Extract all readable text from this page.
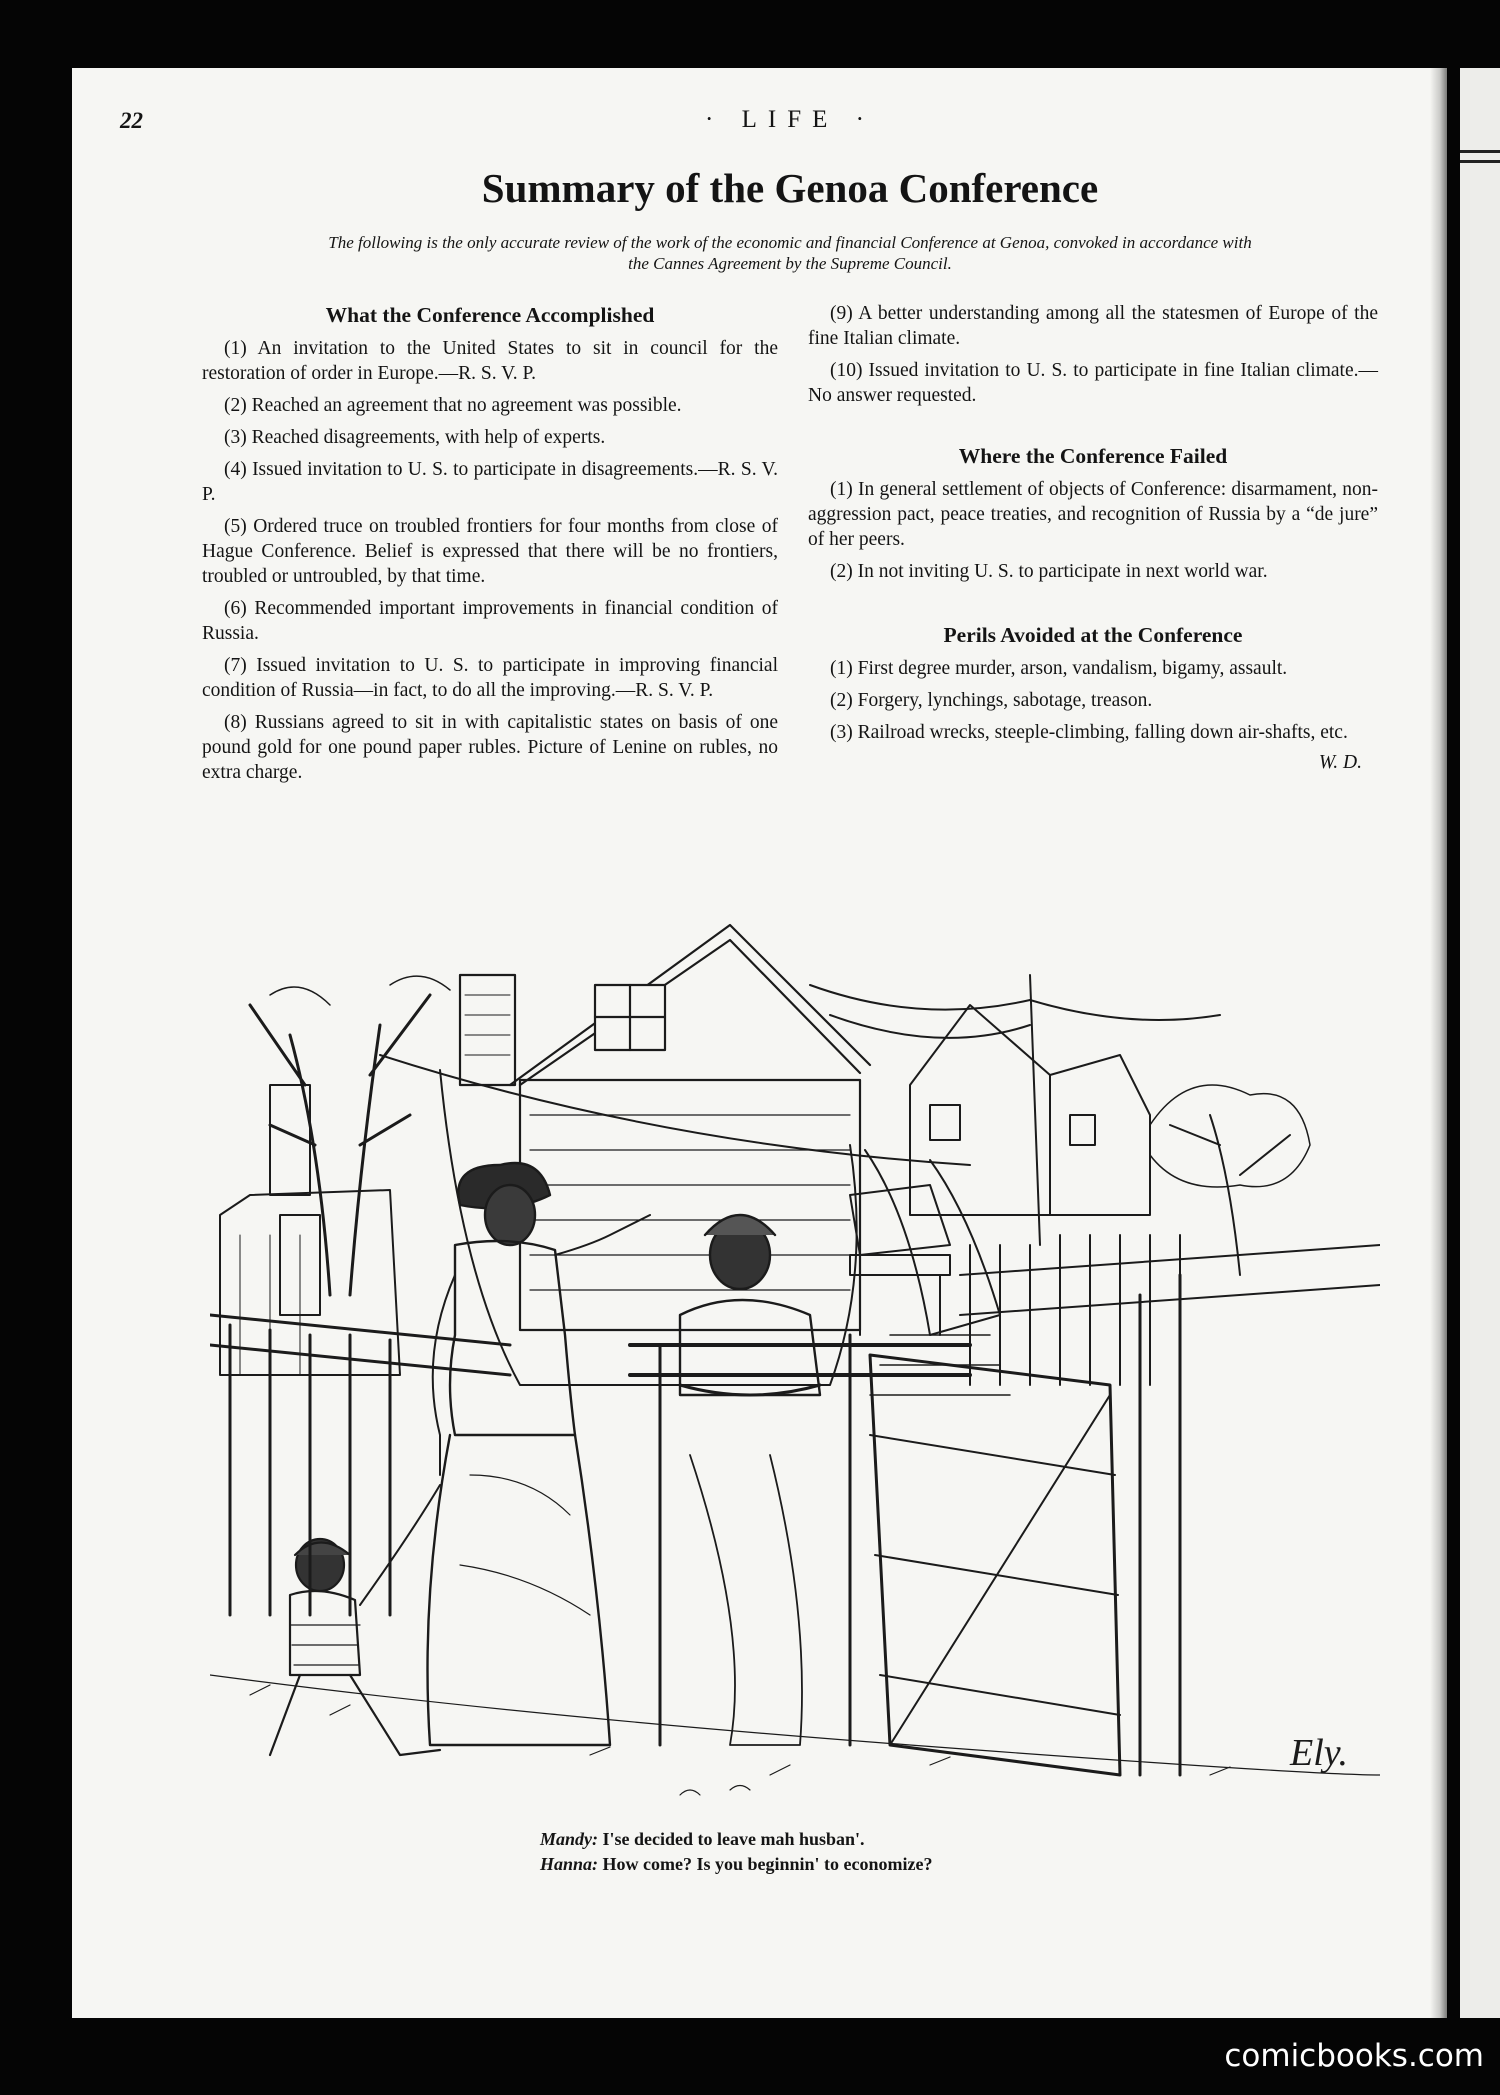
22	· LIFE ·
Summary of the Genoa Conference

The following is the only accurate review of the work of the economic and financial Conference at Genoa, convoked in accordance with the Cannes Agreement by the Supreme Council.

What the Conference Accomplished

(1) An invitation to the United States to sit in council for the restoration of order in Europe.—R. S. V. P.

(2) Reached an agreement that no agreement was possible.

(3) Reached disagreements, with help of experts.

(4) Issued invitation to U. S. to participate in disagreements.—R. S. V. P.

(5) Ordered truce on troubled frontiers for four months from close of Hague Conference. Belief is expressed that there will be no frontiers, troubled or untroubled, by that time.

(6) Recommended important improvements in financial condition of Russia.

(7) Issued invitation to U. S. to participate in improving financial condition of Russia—in fact, to do all the improving.—R. S. V. P.

(8) Russians agreed to sit in with capitalistic states on basis of one pound gold for one pound paper rubles. Picture of Lenine on rubles, no extra charge.

(9) A better understanding among all the statesmen of Europe of the fine Italian climate.

(10) Issued invitation to U. S. to participate in fine Italian climate.—No answer requested.

Where the Conference Failed

(1) In general settlement of objects of Conference: disarmament, non-aggression pact, peace treaties, and recognition of Russia by a “de jure” of her peers.

(2) In not inviting U. S. to participate in next world war.

Perils Avoided at the Conference

(1) First degree murder, arson, vandalism, bigamy, assault.

(2) Forgery, lynchings, sabotage, treason.

(3) Railroad wrecks, steeple-climbing, falling down air-shafts, etc.

W. D.
Ely.
Mandy: I'se decided to leave mah husban'.
Hanna: How come? Is you beginnin' to economize?
comicbooks.com
